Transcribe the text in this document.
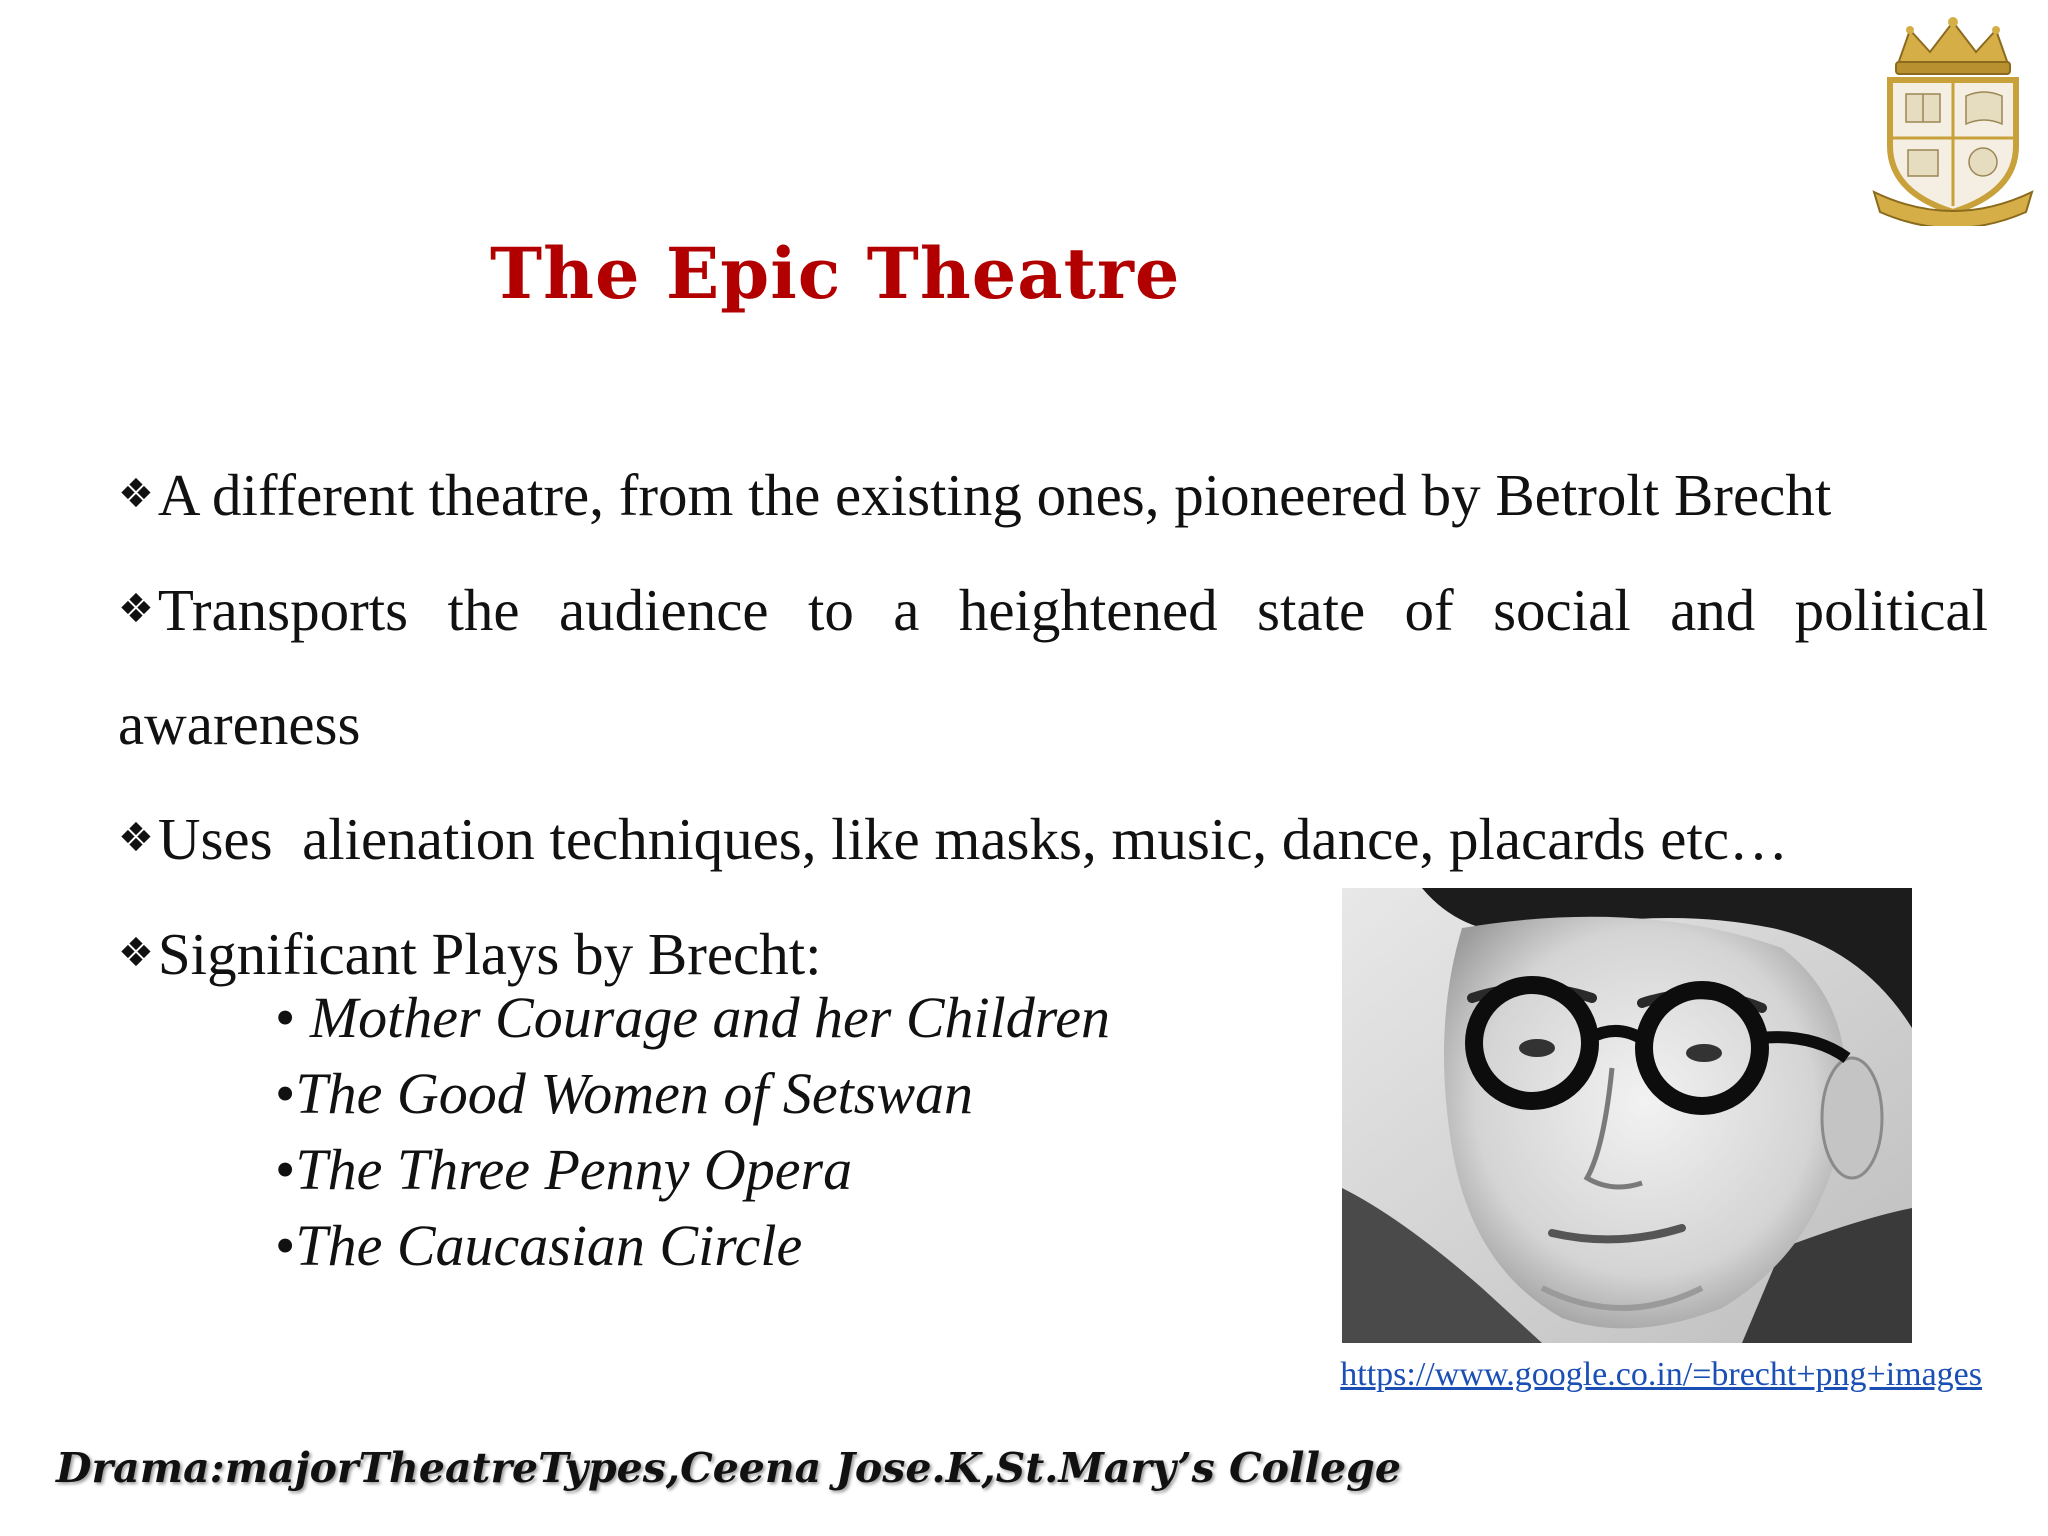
The Epic Theatre

❖A different theatre, from the existing ones, pioneered by Betrolt Brecht

❖Transports the audience to a heightened state of social and political awareness

❖Uses  alienation techniques, like masks, music, dance, placards etc…

❖Significant Plays by Brecht:

• Mother Courage and her Children
•The Good Women of Setswan
•The Three Penny Opera
•The Caucasian Circle
https://www.google.co.in/=brecht+png+images
Drama:majorTheatreTypes,Ceena Jose.K,St.Mary’s College
